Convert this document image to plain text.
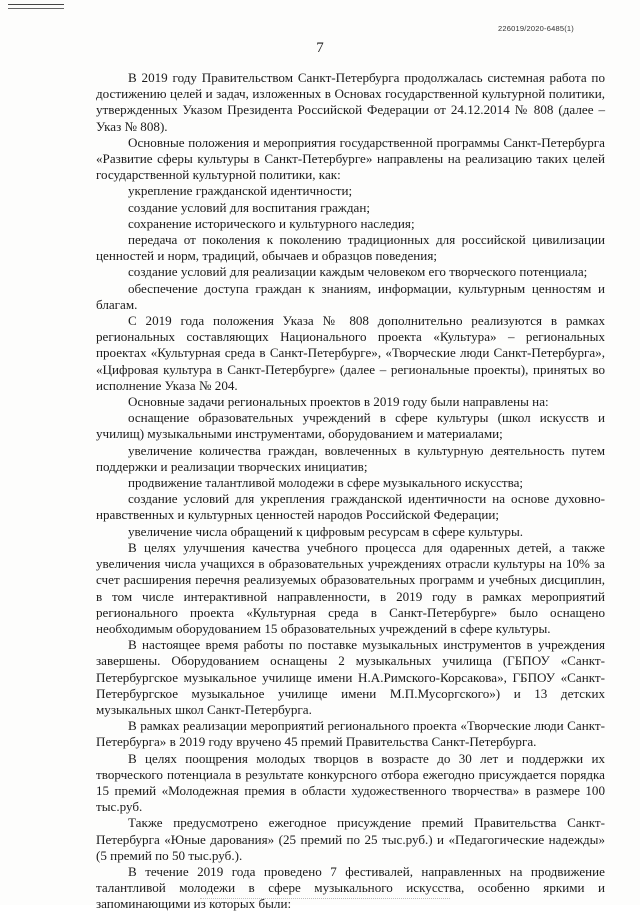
226019/2020-6485(1)
7

В 2019 году Правительством Санкт-Петербурга продолжалась системная работа по достижению целей и задач, изложенных в Основах государственной культурной политики, утвержденных Указом Президента Российской Федерации от 24.12.2014 № 808 (далее – Указ № 808).

Основные положения и мероприятия государственной программы Санкт-Петербурга «Развитие сферы культуры в Санкт-Петербурге» направлены на реализацию таких целей государственной культурной политики, как:

укрепление гражданской идентичности;

создание условий для воспитания граждан;

сохранение исторического и культурного наследия;

передача от поколения к поколению традиционных для российской цивилизации ценностей и норм, традиций, обычаев и образцов поведения;

создание условий для реализации каждым человеком его творческого потенциала;

обеспечение доступа граждан к знаниям, информации, культурным ценностям и благам.

С 2019 года положения Указа № 808 дополнительно реализуются в рамках региональных составляющих Национального проекта «Культура» – региональных проектах «Культурная среда в Санкт-Петербурге», «Творческие люди Санкт-Петербурга», «Цифровая культура в Санкт-Петербурге» (далее – региональные проекты), принятых во исполнение Указа № 204.

Основные задачи региональных проектов в 2019 году были направлены на:

оснащение образовательных учреждений в сфере культуры (школ искусств и училищ) музыкальными инструментами, оборудованием и материалами;

увеличение количества граждан, вовлеченных в культурную деятельность путем поддержки и реализации творческих инициатив;

продвижение талантливой молодежи в сфере музыкального искусства;

создание условий для укрепления гражданской идентичности на основе духовно-нравственных и культурных ценностей народов Российской Федерации;

увеличение числа обращений к цифровым ресурсам в сфере культуры.

В целях улучшения качества учебного процесса для одаренных детей, а также увеличения числа учащихся в образовательных учреждениях отрасли культуры на 10% за счет расширения перечня реализуемых образовательных программ и учебных дисциплин, в том числе интерактивной направленности, в 2019 году в рамках мероприятий регионального проекта «Культурная среда в Санкт-Петербурге» было оснащено необходимым оборудованием 15 образовательных учреждений в сфере культуры.

В настоящее время работы по поставке музыкальных инструментов в учреждения завершены. Оборудованием оснащены 2 музыкальных училища (ГБПОУ «Санкт-Петербургское музыкальное училище имени Н.А.Римского-Корсакова», ГБПОУ «Санкт-Петербургское музыкальное училище имени М.П.Мусоргского») и 13 детских музыкальных школ Санкт-Петербурга.

В рамках реализации мероприятий регионального проекта «Творческие люди Санкт-Петербурга» в 2019 году вручено 45 премий Правительства Санкт-Петербурга.

В целях поощрения молодых творцов в возрасте до 30 лет и поддержки их творческого потенциала в результате конкурсного отбора ежегодно присуждается порядка 15 премий «Молодежная премия в области художественного творчества» в размере 100 тыс.руб.

Также предусмотрено ежегодное присуждение премий Правительства Санкт-Петербурга «Юные дарования» (25 премий по 25 тыс.руб.) и «Педагогические надежды» (5 премий по 50 тыс.руб.).

В течение 2019 года проведено 7 фестивалей, направленных на продвижение талантливой молодежи в сфере музыкального искусства, особенно яркими и запоминающими из которых были:
